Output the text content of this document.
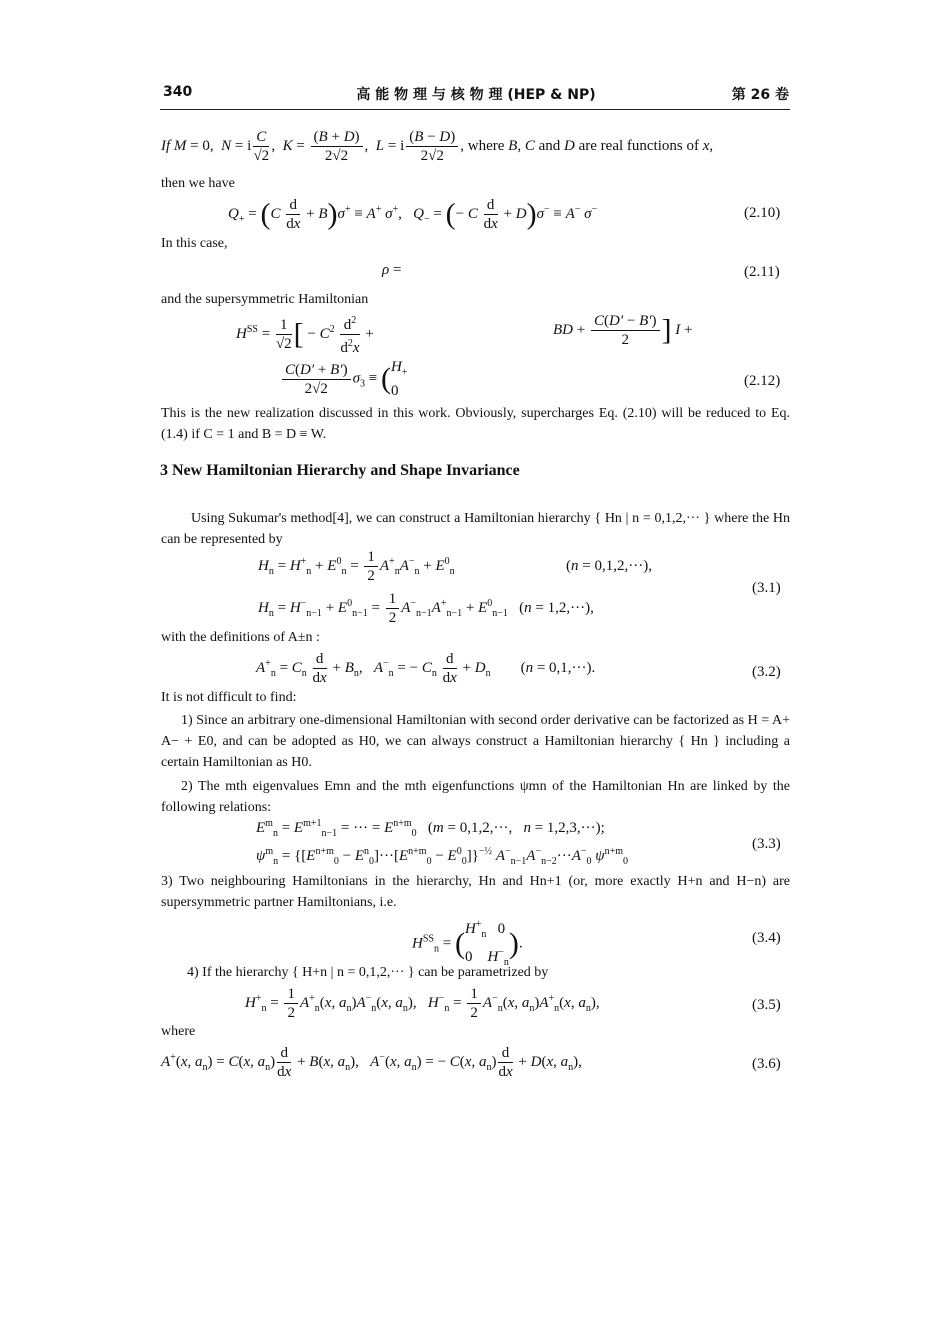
340	高 能 物 理 与 核 物 理 (HEP & NP)	第 26 卷
If M = 0,  N = i $\frac{C}{√2}$ ,  $K = \frac{(B + D)}{2√2}$ ,  L = i $\frac{(B - D)}{2√2}$ , where B, C and D are real functions of x,
then we have
$Q_+ = (C \frac{d}{dx} + B)\sigma^+ \equiv A^+$ σ+,   $Q_-$ = (− C $\frac{d}{dx} + D)\sigma^- \equiv A^-$ σ−	(2.10)
In this case,
ρ =	(2.11)
and the supersymmetric Hamiltonian
$H^{SS} = \frac{1}{√2}$ [ − $C^2 \frac{d^2}{d^2x}$ +	BD + $\frac{C(D' - B')}{2}$ ] I +
$\frac{C(D' + B')}{2√2} \sigma_3 \equiv (H_+$
0
(2.12)
This is the new realization discussed in this work. Obviously, supercharges Eq. (2.10) will be reduced to Eq. (1.4) if C = 1 and B = D ≡ W.
3 New Hamiltonian Hierarchy and Shape Invariance
Using Sukumar's method[4], we can construct a Hamiltonian hierarchy { Hn | n = 0,1,2,··· } where the Hn can be represented by
$H_n = H^+_n + E^0_n = \frac{1}{2} A^+_nA^-_n + E^0_n$	(n = 0,1,2,···),
$H_n = H^-_{n-1} + E^0_{n-1} = \frac{1}{2} A^-_{n-1}A^+_{n-1} + E^0_{n-1}$   (n = 1,2,···),
(3.1)
with the definitions of A±n :
$A^+_n = C_n \frac{d}{dx} + B_n$,   $A^-_n$ = − $C_n \frac{d}{dx} + D_n$        (n = 0,1,···).	(3.2)
It is not difficult to find:
1) Since an arbitrary one-dimensional Hamiltonian with second order derivative can be factorized as H = A+ A− + E0, and can be adopted as H0, we can always construct a Hamiltonian hierarchy { Hn } including a certain Hamiltonian as H0.
2) The mth eigenvalues Emn and the mth eigenfunctions ψmn of the Hamiltonian Hn are linked by the following relations:
$E^m_n = E^{m+1}_{n-1}$ = ··· = $E^{n+m}_0$   (m = 0,1,2,···,   n = 1,2,3,···);
$\psi^m_n = \{[E^{n+m}_0 - E^n_0]\cdot\cdot\cdot[E^{n+m}_0 - E^0_0]\}^{-\frac{1}{2}}$ $A^-_{n-1}A^-_{n-2}\cdot\cdot\cdot A^-_0$ $\psi^{n+m}_0$
(3.3)
3) Two neighbouring Hamiltonians in the hierarchy, Hn and Hn+1 (or, more exactly H+n and H−n) are supersymmetric partner Hamiltonians, i.e.
$H^{SS}_n = (H^+_n$   0
0    $H^-_n$).	(3.4)
4) If the hierarchy { H+n | n = 0,1,2,··· } can be parametrized by
$H^+_n = \frac{1}{2} A^+_n(x$, $a_n)A^-_n(x$, $a_n$),   $H^-_n = \frac{1}{2} A^-_n(x$, $a_n)A^+_n(x$, $a_n$),	(3.5)
where
A+(x, $a_n) = C(x$, $a_n) \frac{d}{dx} + B(x$, $a_n$),   A−(x, $a_n$) = − C(x, $a_n) \frac{d}{dx} + D(x$, $a_n$),	(3.6)
